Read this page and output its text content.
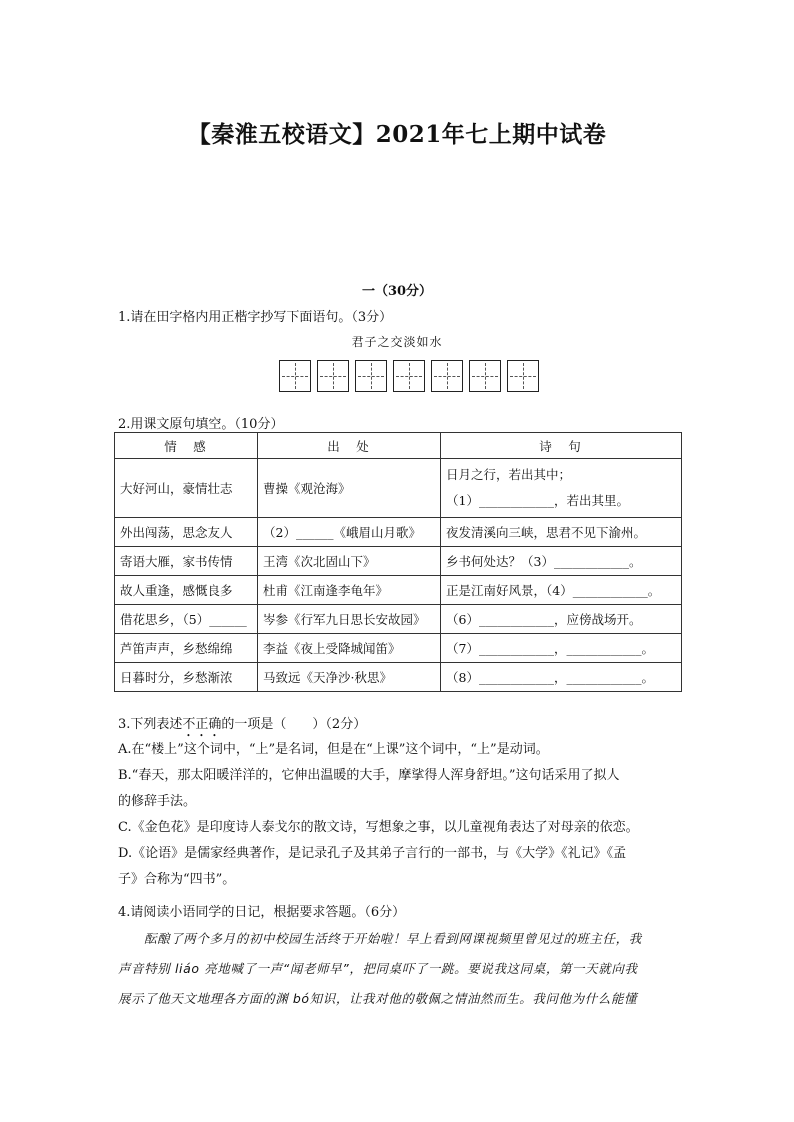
【秦淮五校语文】2021年七上期中试卷
一（30分）
1.请在田字格内用正楷字抄写下面语句。（3分）
君子之交淡如水
2.用课文原句填空。（10分）
情　感	出　处	诗　句
大好河山，豪情壮志	曹操《观沧海》	日月之行，若出其中；
（1）____________，若出其里。

外出闯荡，思念友人	（2）______《峨眉山月歌》	夜发清溪向三峡，思君不见下渝州。
寄语大雁，家书传情	王湾《次北固山下》	乡书何处达？（3）____________。
故人重逢，感慨良多	杜甫《江南逢李龟年》	正是江南好风景，（4）____________。
借花思乡，（5）______	岑参《行军九日思长安故园》	（6）____________，应傍战场开。
芦笛声声，乡愁绵绵	李益《夜上受降城闻笛》	（7）____________，____________。
日暮时分，乡愁渐浓	马致远《天净沙·秋思》	（8）____________，____________。
3.下列表述不正确的一项是（　　）（2分）
A.在“楼上”这个词中，“上”是名词，但是在“上课”这个词中，“上”是动词。
B.“春天，那太阳暖洋洋的，它伸出温暖的大手，摩挲得人浑身舒坦。”这句话采用了拟人
的修辞手法。
C.《金色花》是印度诗人泰戈尔的散文诗，写想象之事，以儿童视角表达了对母亲的依恋。
D.《论语》是儒家经典著作，是记录孔子及其弟子言行的一部书，与《大学》《礼记》《孟
子》合称为“四书”。
4.请阅读小语同学的日记，根据要求答题。（6分）
酝酿了两个多月的初中校园生活终于开始啦！早上看到网课视频里曾见过的班主任，我
声音特别 liáo 亮地喊了一声“闻老师早”，把同桌吓了一跳。要说我这同桌，第一天就向我
展示了他天文地理各方面的渊 bó知识，让我对他的敬佩之情油然而生。我问他为什么能懂
